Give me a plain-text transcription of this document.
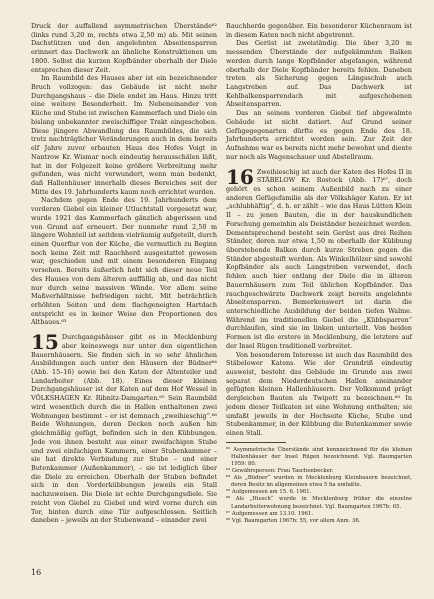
Druck der auffallend asymmetrischen Überstände⁶² (links rund 3,20 m, rechts etwa 2,50 m) ab. Mit seinen Dachstützen und den angelehnten Abseitensparren erinnert das Dachwerk an ähnliche Konstruktionen um 1800. Selbst die kurzen Kopfbänder oberhalb der Diele entsprechen dieser Zeit.

Im Raumbild des Hauses aber ist ein bezeichnender Bruch vollzogen: das Gebäude ist nicht mehr Durchgangshaus – die Diele endet im Haus. Hinzu tritt eine weitere Besonderheit. Im Nebeneinander von Küche und Stube ist zwischen Kammerfach und Diele ein bislang unbekannter zweischiffiger Trakt eingeschoben. Diese jüngere Abwandlung des Raumbildes, die sich trotz nachträglicher Veränderungen auch in dem bereits elf Jahre zuvor erbauten Haus des Hofes Voigt in Nantrow Kr. Wismar noch eindeutig herausschälen läßt, hat in der Folgezeit keine größere Verbreitung mehr gefunden, was nicht verwundert, wenn man bedenkt, daß Hallenhäuser innerhalb dieses Bereiches seit der Mitte des 19. Jahrhunderts kaum noch errichtet wurden.

Nachdem gegen Ende des 19. Jahrhunderts dem vorderen Giebel ein kleiner Utluchtstall vorgesetzt war, wurde 1921 das Kammerfach gänzlich abgerissen und von Grund auf erneuert. Der nunmehr rund 2,50 m längere Wohnteil ist seitdem vielräumig aufgeteilt, durch einen Querflur von der Küche, die vermutlich zu Beginn noch keine Zeit mit Rauchherd ausgestattet gewesen war, geschieden und mit einem besonderen Eingang versehen. Bereits äußerlich hebt sich dieser neue Teil des Hauses von dem älteren auffällig ab, und das nicht nur durch seine massiven Wände. Vor allem seine Maßverhältnisse befriedigen nicht. Mit beträchtlich erhöhten Seiten und dem flachgeneigten Hartdach entspricht es in keiner Weise den Proportionen des Altbaues.⁶³

15 Durchgangshäuser gibt es in Mecklenburg aber keineswegs nur unter den eigentlichen Bauernhäusern. Sie finden sich in so sehr ähnlichen Ausbildungen auch unter den Häusern der Büdner⁶⁴ (Abb. 15–16) sowie bei den Katen der Altenteiler und Landarbeiter (Abb. 18). Eines dieser kleinen Durchgangshäuser ist der Katen auf dem Hof Wessel in VÖLKSHAGEN Kr. Ribnitz-Damgarten.⁶⁵ Sein Raumbild wird wesentlich durch die in Hallen enthaltenen zwei Wohnungen bestimmt – er ist demnach „zweihieschig“.⁶⁶ Beide Wohnungen, deren Decken noch außen hin gleichmäßig gefügt, befinden sich in den Kübbungen. Jede von ihnen besteht aus einer zweifachigen Stube und zwei einfachigen Kammern, einer Stubenkammer – sie hat direkte Verbindung zur Stube – und einer Butenkammer (Außenkammer), – sie ist lediglich über die Diele zu erreichen. Oberhalb der Stuben befindet sich in den Vorderkübbungen jeweils ein Stall nachzuweisen. Die Diele ist echte Durchgangsdiele. Sie reicht von Giebel zu Giebel und wird vorne durch ein Tor, hinten durch eine Tür aufgeschlossen. Seitlich daneben – jeweils an der Stubenwand – einander zwei

Rauchherde gegenüber. Ein besonderer Küchenraum ist in diesem Katen noch nicht abgetrennt.

Das Gerüst ist zweiständig. Die über 3,20 m messenden Überstände der aufgekämmten Balken werden durch lange Kopfbänder abgefangen, während oberhalb der Diele Kopfbänder bereits fehlen. Daneben treten als Sicherung gegen Längsschub auch Langstreben auf. Das Dachwerk ist Kehlbalkensparrendach mit aufgeschobenen Abseitensparren.

Das an seinem vorderen Giebel tief abgewalmte Gebäude ist nicht datiert. Auf Grund seiner Gefügegegenarten dürfte es gegen Ende des 18. Jahrhunderts errichtet worden sein. Zur Zeit der Aufnahme war es bereits nicht mehr bewohnt und diente nur noch als Wagenschauer und Abstellraum.

16 Zweihieschig ist auch der Katen des Hofes II in STÄBELOW Kr. Rostock (Abb. 17)⁶⁷, doch gehört es schon seinem Außenbild nach zu einer anderen Gefügefamilie als der Völkshäger Katen. Er ist „schlubhäftig“, d. h. er zählt – wie das Haus Lütten Klein II – zu jenen Bauten, die in der hauskundlichen Forschung gemeinhin als Deiständer bezeichnet werden. Dementsprechend besteht sein Gerüst aus drei Reihen Ständer, deren nur etwa 1,50 m oberhalb der Kübbung überstehende Balken durch kurze Streben gegen die Ständer abgesteift werden. Als Winkelhölzer sind sowohl Kopfbänder als auch Langstreben verwendet, doch fehlen auch hier entlang der Diele die in älteren Bauernhäusern zum Teil üblichen Kopfbänder. Das rauchgeschwärzte Dachwerk zeigt bereits angelehnte Abseitensparren. Bemerkenswert ist darin die unterschiedliche Ausbildung der beiden tiefen Walme. Während im traditionellen Giebel die „Kübbsparren“ durchlaufen, sind sie im linken unterteilt. Von beiden Formen ist die erstere in Mecklenburg, die letztere auf der Insel Rügen traditionell verbreitet.

Von besonderem Interesse ist auch das Raumbild des Stäbelower Katens. Wie der Grundriß eindeutig ausweist, besteht das Gebäude im Grunde aus zwei separat dem Niederdeutschen Hallen aneinander gefügten kleinen Hallenhäusern. Der Volksmund prägt dergleichen Bauten als Twipott zu bezeichnen.⁶⁸ In jedem dieser Teilkaten ist eine Wohnung enthalten; sie umfaßt jeweils in der Hochseite Küche, Stube und Stubenkammer, in der Kübbung die Butenkammer sowie einen Stall.

⁶² Asymmetrische Überstände sind kennzeichnend für die kleinen Hallenhäuser der Insel Rügen bezeichnend. Vgl. Baumgarten 1959: 80.

⁶³ Gewährsperson: Frau Taschenbecker.

⁶⁴ Als „Büdner“ wurden in Mecklenburg Kleinbauern bezeichnet, deren Besitz im allgemeinen etwa 5 ha umfaßte.

⁶⁵ Aufgemessen am 15. 6. 1961.

⁶⁶ Als „Hiesch“ wurde in Mecklenburg früher die einzelne Landarbeiterwohnung bezeichnet. Vgl. Baumgarten 1967b: 65.

⁶⁷ Aufgemessen am 13.10. 1961.

⁶⁸ Vgl. Baumgarten 1967b: 55, vor allem Anm. 36.

16
